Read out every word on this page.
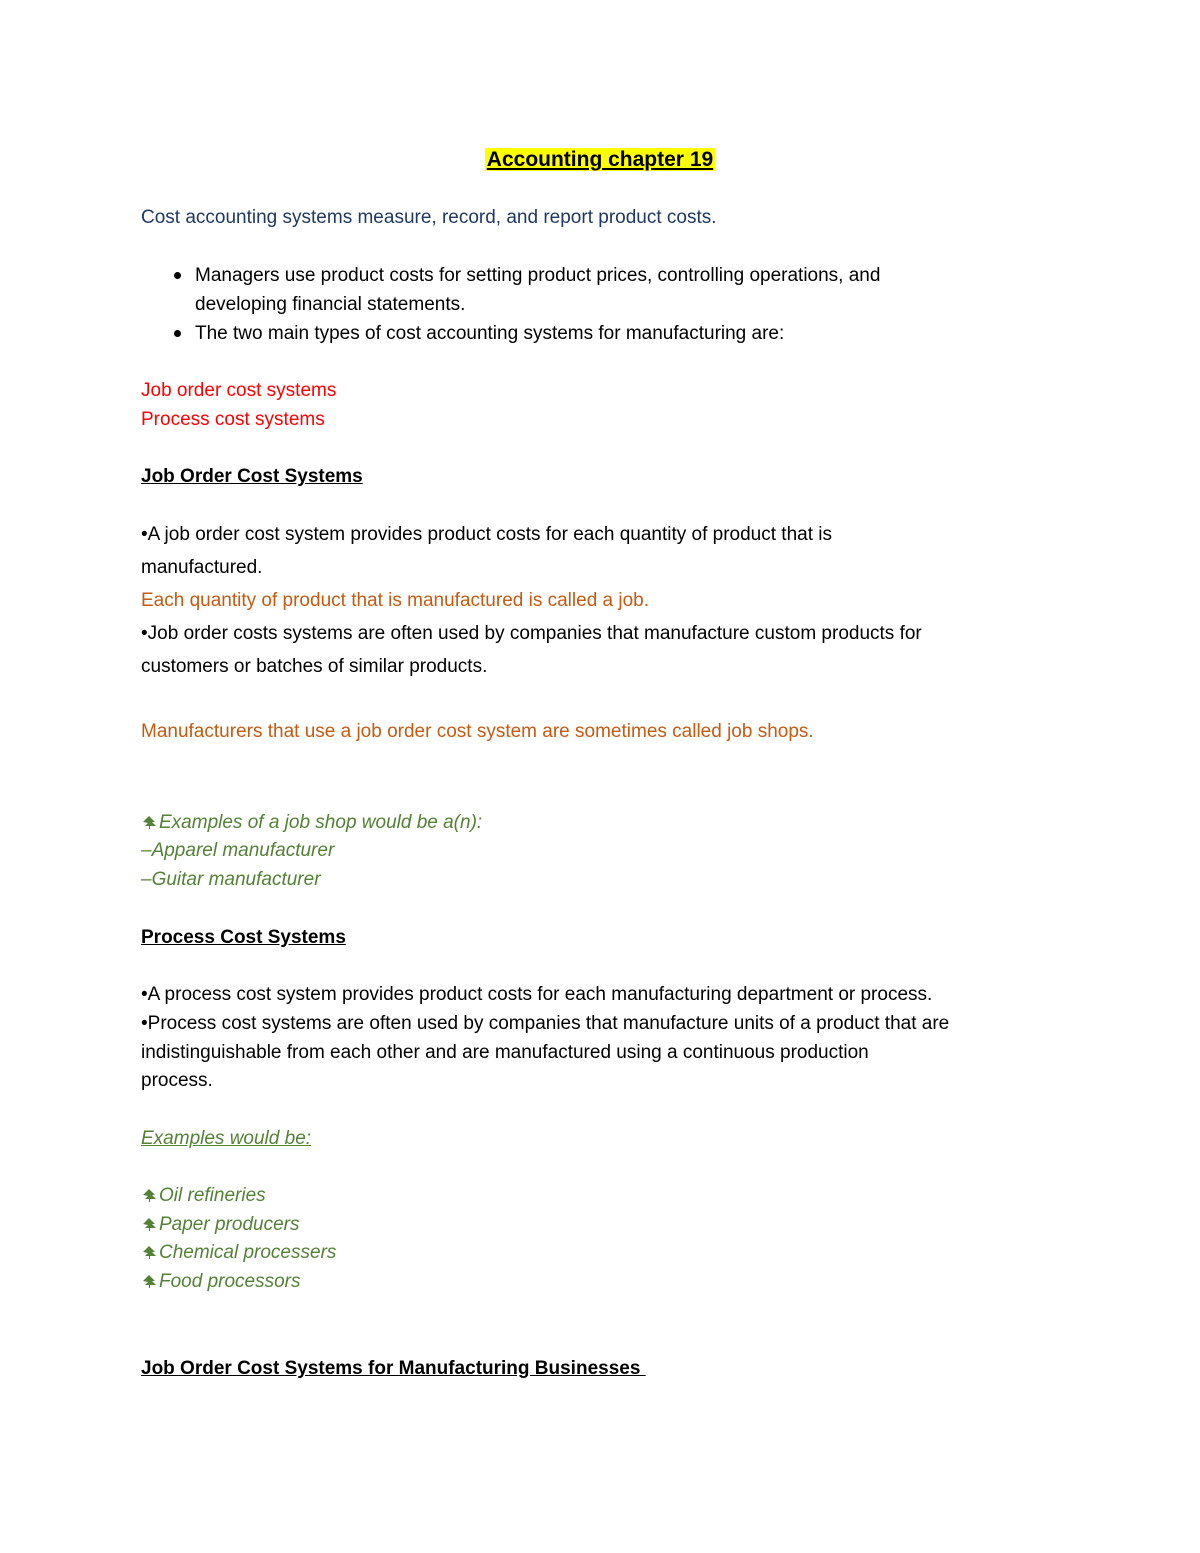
Accounting chapter 19
Cost accounting systems measure, record, and report product costs.
Managers use product costs for setting product prices, controlling operations, and
developing financial statements.
The two main types of cost accounting systems for manufacturing are:
Job order cost systems
Process cost systems
Job Order Cost Systems
•A job order cost system provides product costs for each quantity of product that is
manufactured.
Each quantity of product that is manufactured is called a job.
•Job order costs systems are often used by companies that manufacture custom products for
customers or batches of similar products.
Manufacturers that use a job order cost system are sometimes called job shops.
Examples of a job shop would be a(n):
–Apparel manufacturer
–Guitar manufacturer
Process Cost Systems
•A process cost system provides product costs for each manufacturing department or process.
•Process cost systems are often used by companies that manufacture units of a product that are
indistinguishable from each other and are manufactured using a continuous production
process.
Examples would be:
Oil refineries
Paper producers
Chemical processers
Food processors
Job Order Cost Systems for Manufacturing Businesses
